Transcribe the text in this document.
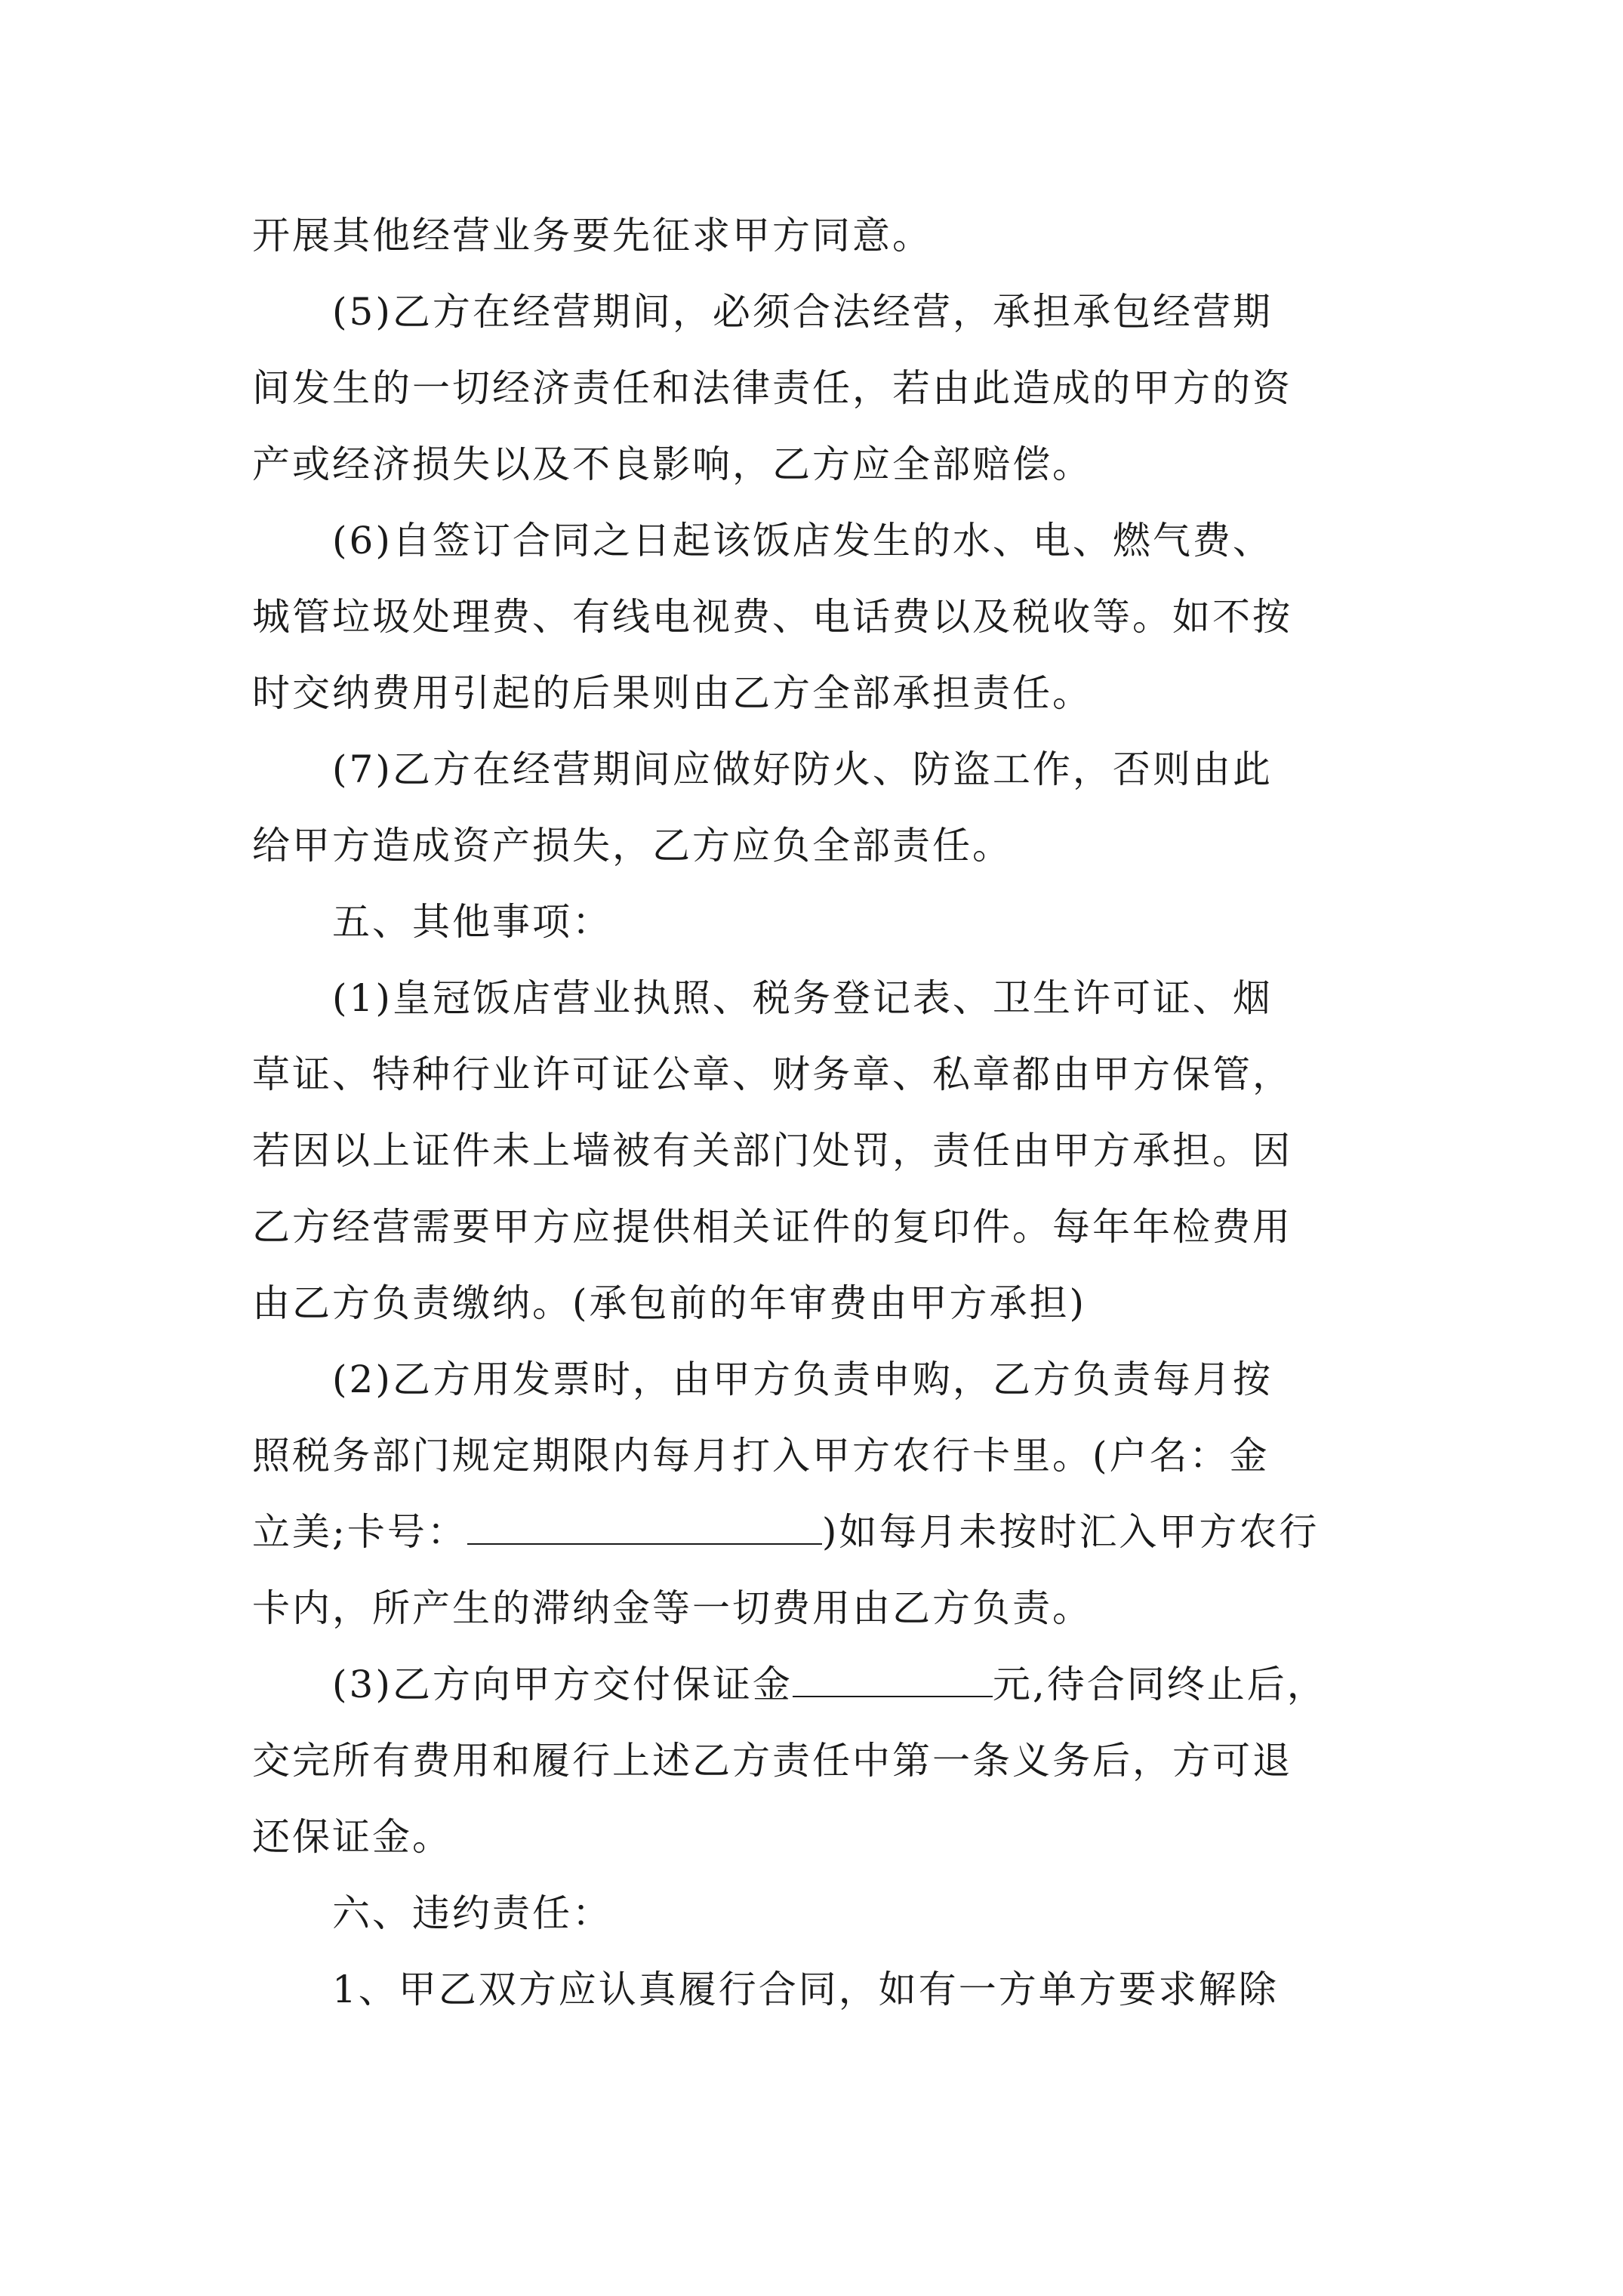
开展其他经营业务要先征求甲方同意。
(5)乙方在经营期间，必须合法经营，承担承包经营期
间发生的一切经济责任和法律责任，若由此造成的甲方的资
产或经济损失以及不良影响，乙方应全部赔偿。
(6)自签订合同之日起该饭店发生的水、电、燃气费、
城管垃圾处理费、有线电视费、电话费以及税收等。如不按
时交纳费用引起的后果则由乙方全部承担责任。
(7)乙方在经营期间应做好防火、防盗工作，否则由此
给甲方造成资产损失，乙方应负全部责任。
五、其他事项：
(1)皇冠饭店营业执照、税务登记表、卫生许可证、烟
草证、特种行业许可证公章、财务章、私章都由甲方保管，
若因以上证件未上墙被有关部门处罚，责任由甲方承担。因
乙方经营需要甲方应提供相关证件的复印件。每年年检费用
由乙方负责缴纳。(承包前的年审费由甲方承担)
(2)乙方用发票时，由甲方负责申购，乙方负责每月按
照税务部门规定期限内每月打入甲方农行卡里。(户名：金
立美;卡号：	)如每月未按时汇入甲方农行
卡内，所产生的滞纳金等一切费用由乙方负责。
(3)乙方向甲方交付保证金	元,待合同终止后，
交完所有费用和履行上述乙方责任中第一条义务后，方可退
还保证金。
六、违约责任：
1、甲乙双方应认真履行合同，如有一方单方要求解除
